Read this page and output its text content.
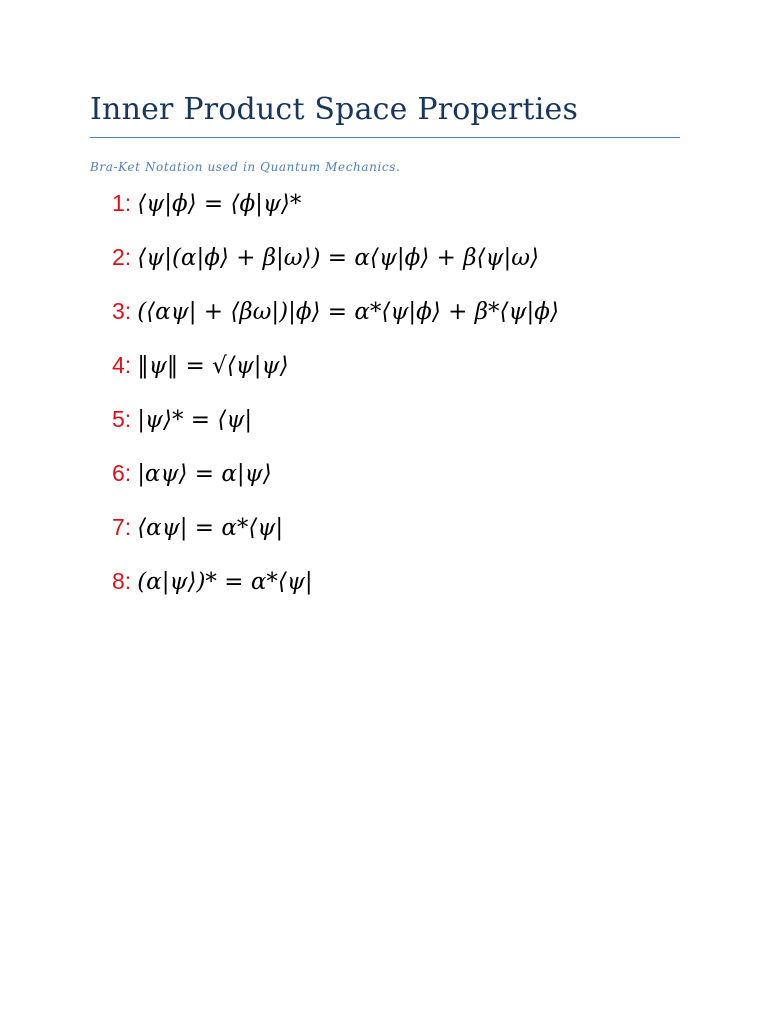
Inner Product Space Properties
Bra-Ket Notation used in Quantum Mechanics.
1: ⟨ψ|ϕ⟩ = ⟨ϕ|ψ⟩*
2: ⟨ψ|(α|ϕ⟩ + β|ω⟩) = α⟨ψ|ϕ⟩ + β⟨ψ|ω⟩
3: (⟨αψ| + ⟨βω|)|ϕ⟩ = α*⟨ψ|ϕ⟩ + β*⟨ψ|ϕ⟩
4: ‖ψ‖ = √⟨ψ|ψ⟩
5: |ψ⟩* = ⟨ψ|
6: |αψ⟩ = α|ψ⟩
7: ⟨αψ| = α*⟨ψ|
8: (α|ψ⟩)* = α*⟨ψ|
